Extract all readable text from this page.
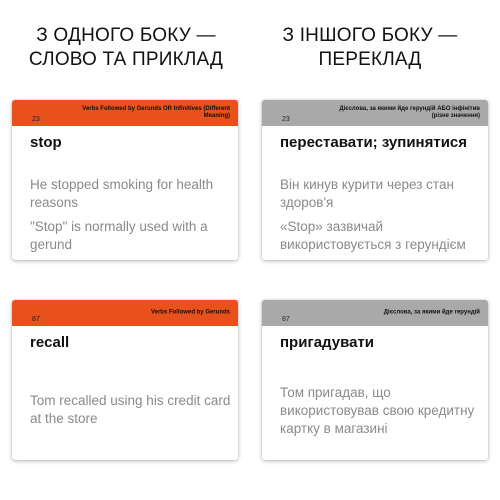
З ОДНОГО БОКУ —
СЛОВО ТА ПРИКЛАД
З ІНШОГО БОКУ —
ПЕРЕКЛАД
23
Verbs Followed by Gerunds OR Infinitives (Different Meaning)
stop
He stopped smoking for health reasons
"Stop" is normally used with a gerund
23
Дієслова, за якими йде герундій АБО інфінітив (різне значення)
переставати; зупинятися
Він кинув курити через стан здоров'я
«Stop» зазвичай використовується з герундієм
87
Verbs Followed by Gerunds
recall
Tom recalled using his credit card at the store
87
Дієслова, за якими йде герундій
пригадувати
Том пригадав, що використовував свою кредитну картку в магазині
